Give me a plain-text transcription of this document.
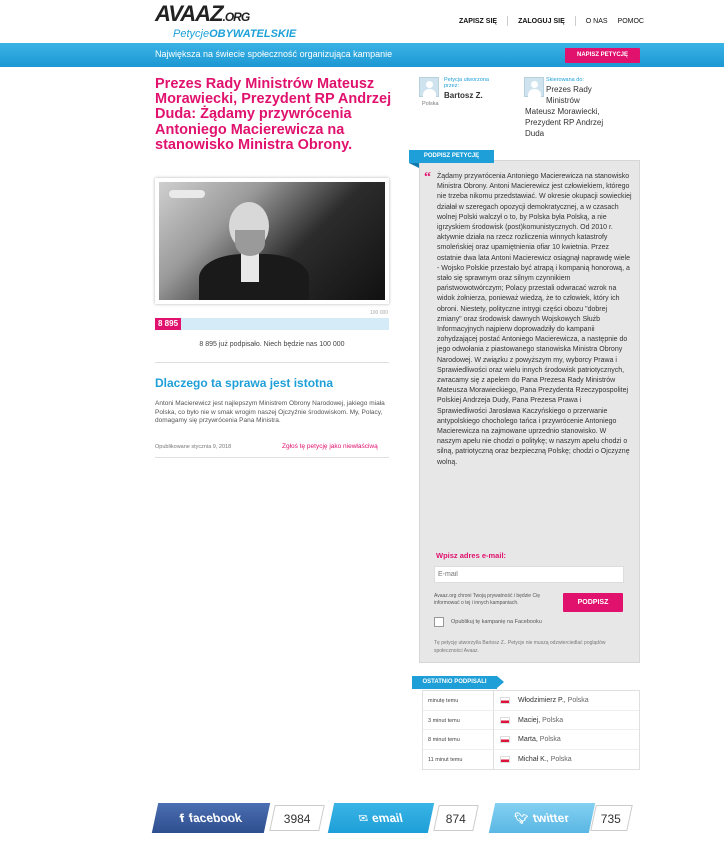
AVAAZ.ORG
PetycjeOBYWATELSKIE
ZAPISZ SIĘ	ZALOGUJ SIĘ	O NAS POMOC
Największa na świecie społeczność organizująca kampanie	NAPISZ PETYCJĘ
Prezes Rady Ministrów Mateusz Morawiecki, Prezydent RP Andrzej Duda: Żądamy przywrócenia Antoniego Macierewicza na stanowisko Ministra Obrony.
100 000
8 895
8 895 już podpisało. Niech będzie nas 100 000
Dlaczego ta sprawa jest istotna

Antoni Macierewicz jest najlepszym Ministrem Obrony Narodowej, jakiego miała Polska, co było nie w smak wrogim naszej Ojczyźnie środowiskom. My, Polacy, domagamy się przywrócenia Pana Ministra.

Opublikowane stycznia 9, 2018	Zgłoś tę petycję jako niewłaściwą
Petycja utworzona przez:
Bartosz Z.
Polska
Skierowana do:
Prezes Rady
Ministrów
Mateusz Morawiecki,
Prezydent RP Andrzej
Duda
PODPISZ PETYCJĘ
“ Żądamy przywrócenia Antoniego Macierewicza na stanowisko Ministra Obrony. Antoni Macierewicz jest człowiekiem, którego nie trzeba nikomu przedstawiać. W okresie okupacji sowieckiej działał w szeregach opozycji demokratycznej, a w czasach wolnej Polski walczył o to, by Polska była Polską, a nie igrzyskiem środowisk (post)komunistycznych. Od 2010 r. aktywnie działa na rzecz rozliczenia winnych katastrofy smoleńskiej oraz upamiętnienia ofiar 10 kwietnia. Przez ostatnie dwa lata Antoni Macierewicz osiągnął naprawdę wiele - Wojsko Polskie przestało być atrapą i kompanią honorową, a stało się sprawnym oraz silnym czynnikiem państwowotwórczym; Polacy przestali odwracać wzrok na widok żołnierza, ponieważ wiedzą, że to człowiek, który ich obroni. Niestety, polityczne intrygi części obozu "dobrej zmiany" oraz środowisk dawnych Wojskowych Służb Informacyjnych najpierw doprowadziły do kampanii zohydzającej postać Antoniego Macierewicza, a następnie do jego odwołania z piastowanego stanowiska Ministra Obrony Narodowej. W związku z powyższym my, wyborcy Prawa i Sprawiedliwości oraz wielu innych środowisk patriotycznych, zwracamy się z apelem do Pana Prezesa Rady Ministrów Mateusza Morawieckiego, Pana Prezydenta Rzeczypospolitej Polskiej Andrzeja Dudy, Pana Prezesa Prawa i Sprawiedliwości Jarosława Kaczyńskiego o przerwanie antypolskiego chocholego tańca i przywrócenie Antoniego Macierewicza na zajmowane uprzednio stanowisko. W naszym apelu nie chodzi o politykę; w naszym apelu chodzi o silną, patriotyczną oraz bezpieczną Polskę; chodzi o Ojczyznę wolną.

Wpisz adres e-mail:
E-mail
Avaaz.org chroni Twoją prywatność i będzie Cię informować o tej i innych kampaniach.	PODPISZ
Opublikuj tę kampanię na Facebooku
Tę petycję utworzył/a Bartosz Z.. Petycje nie muszą odzwierciedlać poglądów społeczności Avaaz.
OSTATNIO PODPISALI
minutę temu	Włodzimierz P., Polska
3 minut temu	Maciej, Polska
8 minut temu	Marta, Polska
11 minut temu	Michał K., Polska
ffacebook	3984	✉email	874	🐦︎twitter	735
